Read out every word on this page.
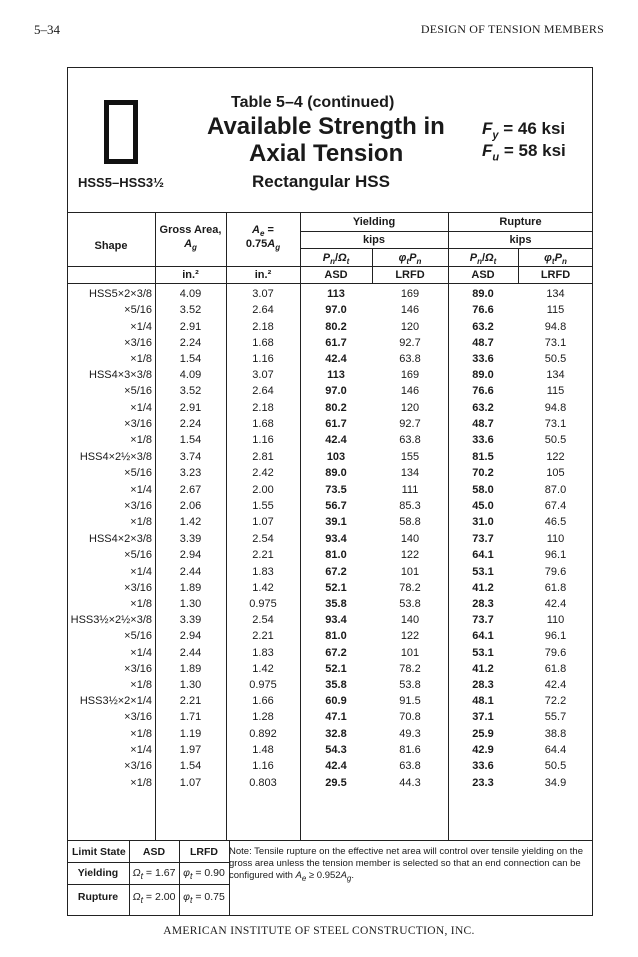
5–34	DESIGN OF TENSION MEMBERS
HSS5–HSS3½
Table 5–4 (continued)
Available Strength in
Axial Tension
Rectangular HSS
$F_y = 46$ ksi
$F_u = 58$ ksi
Shape
Gross Area,
$A_g$
$A_e$ =
$0.75A_g$
Yielding
kips
Rupture
kips
$P_n/\Omega_t$	$\varphi_tP_n$	$P_n/\Omega_t$	$\varphi_tP_n$
in.²	in.²	ASD	LRFD	ASD	LRFD
HSS5×2×3/8	4.09	3.07	113	169	89.0	134
×5/16	3.52	2.64	97.0	146	76.6	115
×1/4	2.91	2.18	80.2	120	63.2	94.8
×3/16	2.24	1.68	61.7	92.7	48.7	73.1
×1/8	1.54	1.16	42.4	63.8	33.6	50.5
HSS4×3×3/8	4.09	3.07	113	169	89.0	134
×5/16	3.52	2.64	97.0	146	76.6	115
×1/4	2.91	2.18	80.2	120	63.2	94.8
×3/16	2.24	1.68	61.7	92.7	48.7	73.1
×1/8	1.54	1.16	42.4	63.8	33.6	50.5
HSS4×2½×3/8	3.74	2.81	103	155	81.5	122
×5/16	3.23	2.42	89.0	134	70.2	105
×1/4	2.67	2.00	73.5	111	58.0	87.0
×3/16	2.06	1.55	56.7	85.3	45.0	67.4
×1/8	1.42	1.07	39.1	58.8	31.0	46.5
HSS4×2×3/8	3.39	2.54	93.4	140	73.7	110
×5/16	2.94	2.21	81.0	122	64.1	96.1
×1/4	2.44	1.83	67.2	101	53.1	79.6
×3/16	1.89	1.42	52.1	78.2	41.2	61.8
×1/8	1.30	0.975	35.8	53.8	28.3	42.4
HSS3½×2½×3/8	3.39	2.54	93.4	140	73.7	110
×5/16	2.94	2.21	81.0	122	64.1	96.1
×1/4	2.44	1.83	67.2	101	53.1	79.6
×3/16	1.89	1.42	52.1	78.2	41.2	61.8
×1/8	1.30	0.975	35.8	53.8	28.3	42.4
HSS3½×2×1/4	2.21	1.66	60.9	91.5	48.1	72.2
×3/16	1.71	1.28	47.1	70.8	37.1	55.7
×1/8	1.19	0.892	32.8	49.3	25.9	38.8
×1/4	1.97	1.48	54.3	81.6	42.9	64.4
×3/16	1.54	1.16	42.4	63.8	33.6	50.5
×1/8	1.07	0.803	29.5	44.3	23.3	34.9
Limit State	ASD	LRFD
Yielding	$\Omega_t = 1.67$ $\varphi_t = 0.90$
Rupture	$\Omega_t = 2.00$ $\varphi_t = 0.75$
Note: Tensile rupture on the effective net area will control over tensile yielding on the gross area unless the tension member is selected so that an end connection can be configured with $A_e \ge 0.952A_g$.
AMERICAN INSTITUTE OF STEEL CONSTRUCTION, INC.
